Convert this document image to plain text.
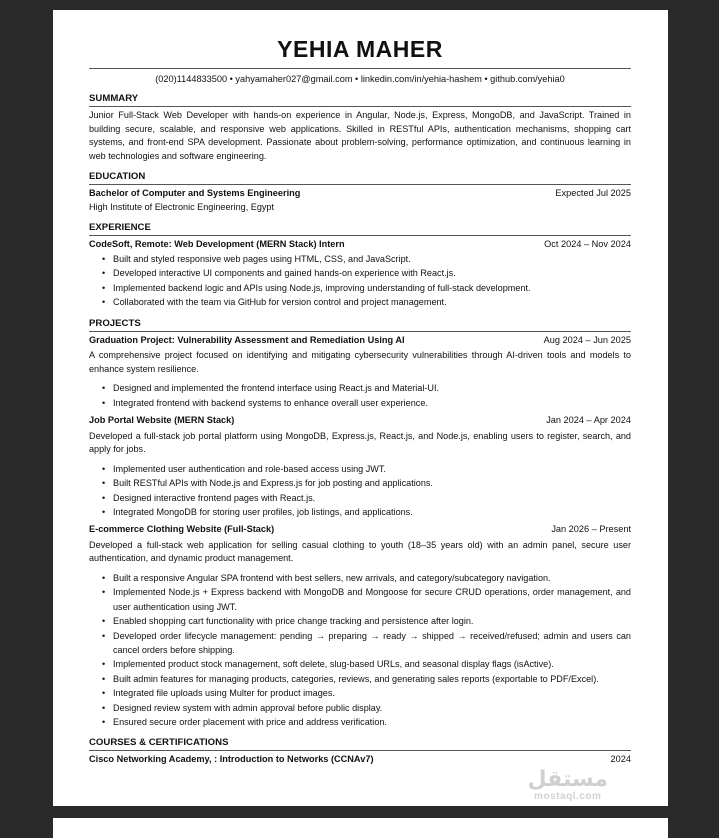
YEHIA MAHER
(020)1144833500 • yahyamaher027@gmail.com • linkedin.com/in/yehia-hashem • github.com/yehia0
SUMMARY
Junior Full-Stack Web Developer with hands-on experience in Angular, Node.js, Express, MongoDB, and JavaScript. Trained in building secure, scalable, and responsive web applications. Skilled in RESTful APIs, authentication mechanisms, shopping cart systems, and front-end SPA development. Passionate about problem-solving, performance optimization, and continuous learning in web technologies and software engineering.
EDUCATION
Bachelor of Computer and Systems Engineering	Expected Jul 2025
High Institute of Electronic Engineering, Egypt
EXPERIENCE
CodeSoft, Remote: Web Development (MERN Stack) Intern	Oct 2024 – Nov 2024
• Built and styled responsive web pages using HTML, CSS, and JavaScript.
• Developed interactive UI components and gained hands-on experience with React.js.
• Implemented backend logic and APIs using Node.js, improving understanding of full-stack development.
• Collaborated with the team via GitHub for version control and project management.
PROJECTS
Graduation Project: Vulnerability Assessment and Remediation Using AI	Aug 2024 – Jun 2025
A comprehensive project focused on identifying and mitigating cybersecurity vulnerabilities through AI-driven tools and models to enhance system resilience.
• Designed and implemented the frontend interface using React.js and Material-UI.
• Integrated frontend with backend systems to enhance overall user experience.
Job Portal Website (MERN Stack)	Jan 2024 – Apr 2024
Developed a full-stack job portal platform using MongoDB, Express.js, React.js, and Node.js, enabling users to register, search, and apply for jobs.
• Implemented user authentication and role-based access using JWT.
• Built RESTful APIs with Node.js and Express.js for job posting and applications.
• Designed interactive frontend pages with React.js.
• Integrated MongoDB for storing user profiles, job listings, and applications.
E-commerce Clothing Website (Full-Stack)	Jan 2026 – Present
Developed a full-stack web application for selling casual clothing to youth (18–35 years old) with an admin panel, secure user authentication, and dynamic product management.
• Built a responsive Angular SPA frontend with best sellers, new arrivals, and category/subcategory navigation.
• Implemented Node.js + Express backend with MongoDB and Mongoose for secure CRUD operations, order management, and user authentication using JWT.
• Enabled shopping cart functionality with price change tracking and persistence after login.
• Developed order lifecycle management: pending → preparing → ready → shipped → received/refused; admin and users can cancel orders before shipping.
• Implemented product stock management, soft delete, slug-based URLs, and seasonal display flags (isActive).
• Built admin features for managing products, categories, reviews, and generating sales reports (exportable to PDF/Excel).
• Integrated file uploads using Multer for product images.
• Designed review system with admin approval before public display.
• Ensured secure order placement with price and address verification.
COURSES & CERTIFICATIONS
Cisco Networking Academy, : Introduction to Networks (CCNAv7)	2024
مستقل
mostaql.com
